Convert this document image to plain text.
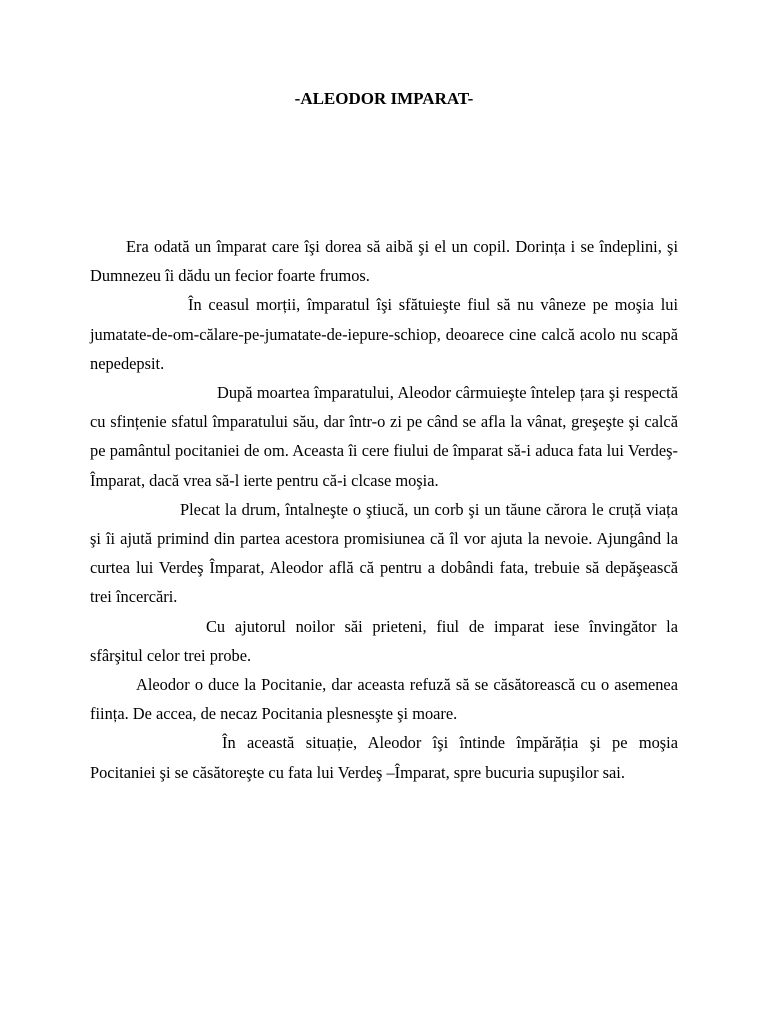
-ALEODOR IMPARAT-

Era odată un împarat care îşi dorea să aibă şi el un copil. Dorința i se îndeplini, şi Dumnezeu îi dădu un fecior foarte frumos.

În ceasul morții, împaratul îşi sfătuieşte fiul să nu vâneze pe moşia lui jumatate-de-om-călare-pe-jumatate-de-iepure-schiop, deoarece cine calcă acolo nu scapă nepedepsit.

După moartea împaratului, Aleodor cârmuieşte întelep țara şi respectă cu sfințenie sfatul împaratului său, dar într-o zi pe când se afla la vânat, greşeşte şi calcă pe pamântul pocitaniei de om. Aceasta îi cere fiului de împarat să-i aduca fata lui Verdeş-Împarat, dacă vrea să-l ierte pentru că-i clcase moşia.

Plecat la drum, întalneşte o ştiucă, un corb şi un tăune cărora le cruță viața şi îi ajută primind din partea acestora promisiunea că îl vor ajuta la nevoie. Ajungând la curtea lui Verdeş Împarat, Aleodor află că pentru a dobândi fata, trebuie să depăşească trei încercări.

Cu ajutorul noilor săi prieteni, fiul de imparat iese învingător la sfârşitul celor trei probe.

Aleodor o duce la Pocitanie, dar aceasta refuză să se căsătorească cu o asemenea ființa. De accea, de necaz Pocitania plesnesşte şi moare.

În această situație, Aleodor îşi întinde împărăția şi pe moşia Pocitaniei şi se căsătoreşte cu fata lui Verdeş –Împarat, spre bucuria supuşilor sai.
